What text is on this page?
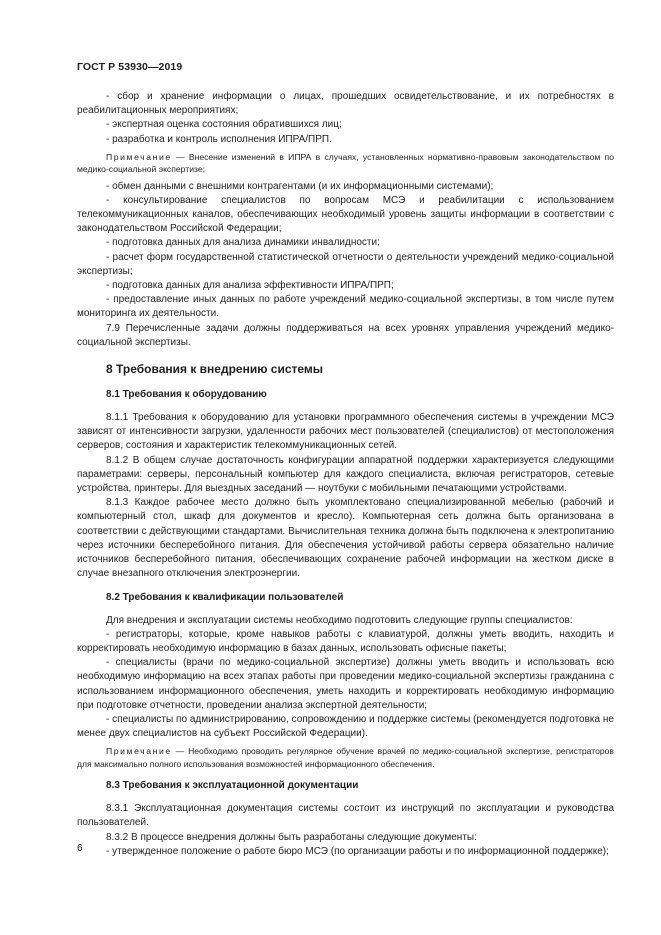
ГОСТ Р 53930—2019

- сбор и хранение информации о лицах, прошедших освидетельствование, и их потребностях в реабилитационных мероприятиях;

- экспертная оценка состояния обратившихся лиц;

- разработка и контроль исполнения ИПРА/ПРП.

Примечание — Внесение изменений в ИПРА в случаях, установленных нормативно-правовым законодательством по медико-социальной экспертизе;

- обмен данными с внешними контрагентами (и их информационными системами);

- консультирование специалистов по вопросам МСЭ и реабилитации с использованием телекоммуникационных каналов, обеспечивающих необходимый уровень защиты информации в соответствии с законодательством Российской Федерации;

- подготовка данных для анализа динамики инвалидности;

- расчет форм государственной статистической отчетности о деятельности учреждений медико-социальной экспертизы;

- подготовка данных для анализа эффективности ИПРА/ПРП;

- предоставление иных данных по работе учреждений медико-социальной экспертизы, в том числе путем мониторинга их деятельности.

7.9 Перечисленные задачи должны поддерживаться на всех уровнях управления учреждений медико-социальной экспертизы.

8 Требования к внедрению системы
8.1 Требования к оборудованию

8.1.1 Требования к оборудованию для установки программного обеспечения системы в учреждении МСЭ зависят от интенсивности загрузки, удаленности рабочих мест пользователей (специалистов) от местоположения серверов, состояния и характеристик телекоммуникационных сетей.

8.1.2 В общем случае достаточность конфигурации аппаратной поддержки характеризуется следующими параметрами: серверы, персональный компьютер для каждого специалиста, включая регистраторов, сетевые устройства, принтеры. Для выездных заседаний — ноутбуки с мобильными печатающими устройствами.

8.1.3 Каждое рабочее место должно быть укомплектовано специализированной мебелью (рабочий и компьютерный стол, шкаф для документов и кресло). Компьютерная сеть должна быть организована в соответствии с действующими стандартами. Вычислительная техника должна быть подключена к электропитанию через источники бесперебойного питания. Для обеспечения устойчивой работы сервера обязательно наличие источников бесперебойного питания, обеспечивающих сохранение рабочей информации на жестком диске в случае внезапного отключения электроэнергии.

8.2 Требования к квалификации пользователей

Для внедрения и эксплуатации системы необходимо подготовить следующие группы специалистов:

- регистраторы, которые, кроме навыков работы с клавиатурой, должны уметь вводить, находить и корректировать необходимую информацию в базах данных, использовать офисные пакеты;

- специалисты (врачи по медико-социальной экспертизе) должны уметь вводить и использовать всю необходимую информацию на всех этапах работы при проведении медико-социальной экспертизы гражданина с использованием информационного обеспечения, уметь находить и корректировать необходимую информацию при подготовке отчетности, проведении анализа экспертной деятельности;

- специалисты по администрированию, сопровождению и поддержке системы (рекомендуется подготовка не менее двух специалистов на субъект Российской Федерации).

Примечание — Необходимо проводить регулярное обучение врачей по медико-социальной экспертизе, регистраторов для максимально полного использования возможностей информационного обеспечения.

8.3 Требования к эксплуатационной документации

8.3.1 Эксплуатационная документация системы состоит из инструкций по эксплуатации и руководства пользователей.

8.3.2 В процессе внедрения должны быть разработаны следующие документы:

- утвержденное положение о работе бюро МСЭ (по организации работы и по информационной поддержке);

6
